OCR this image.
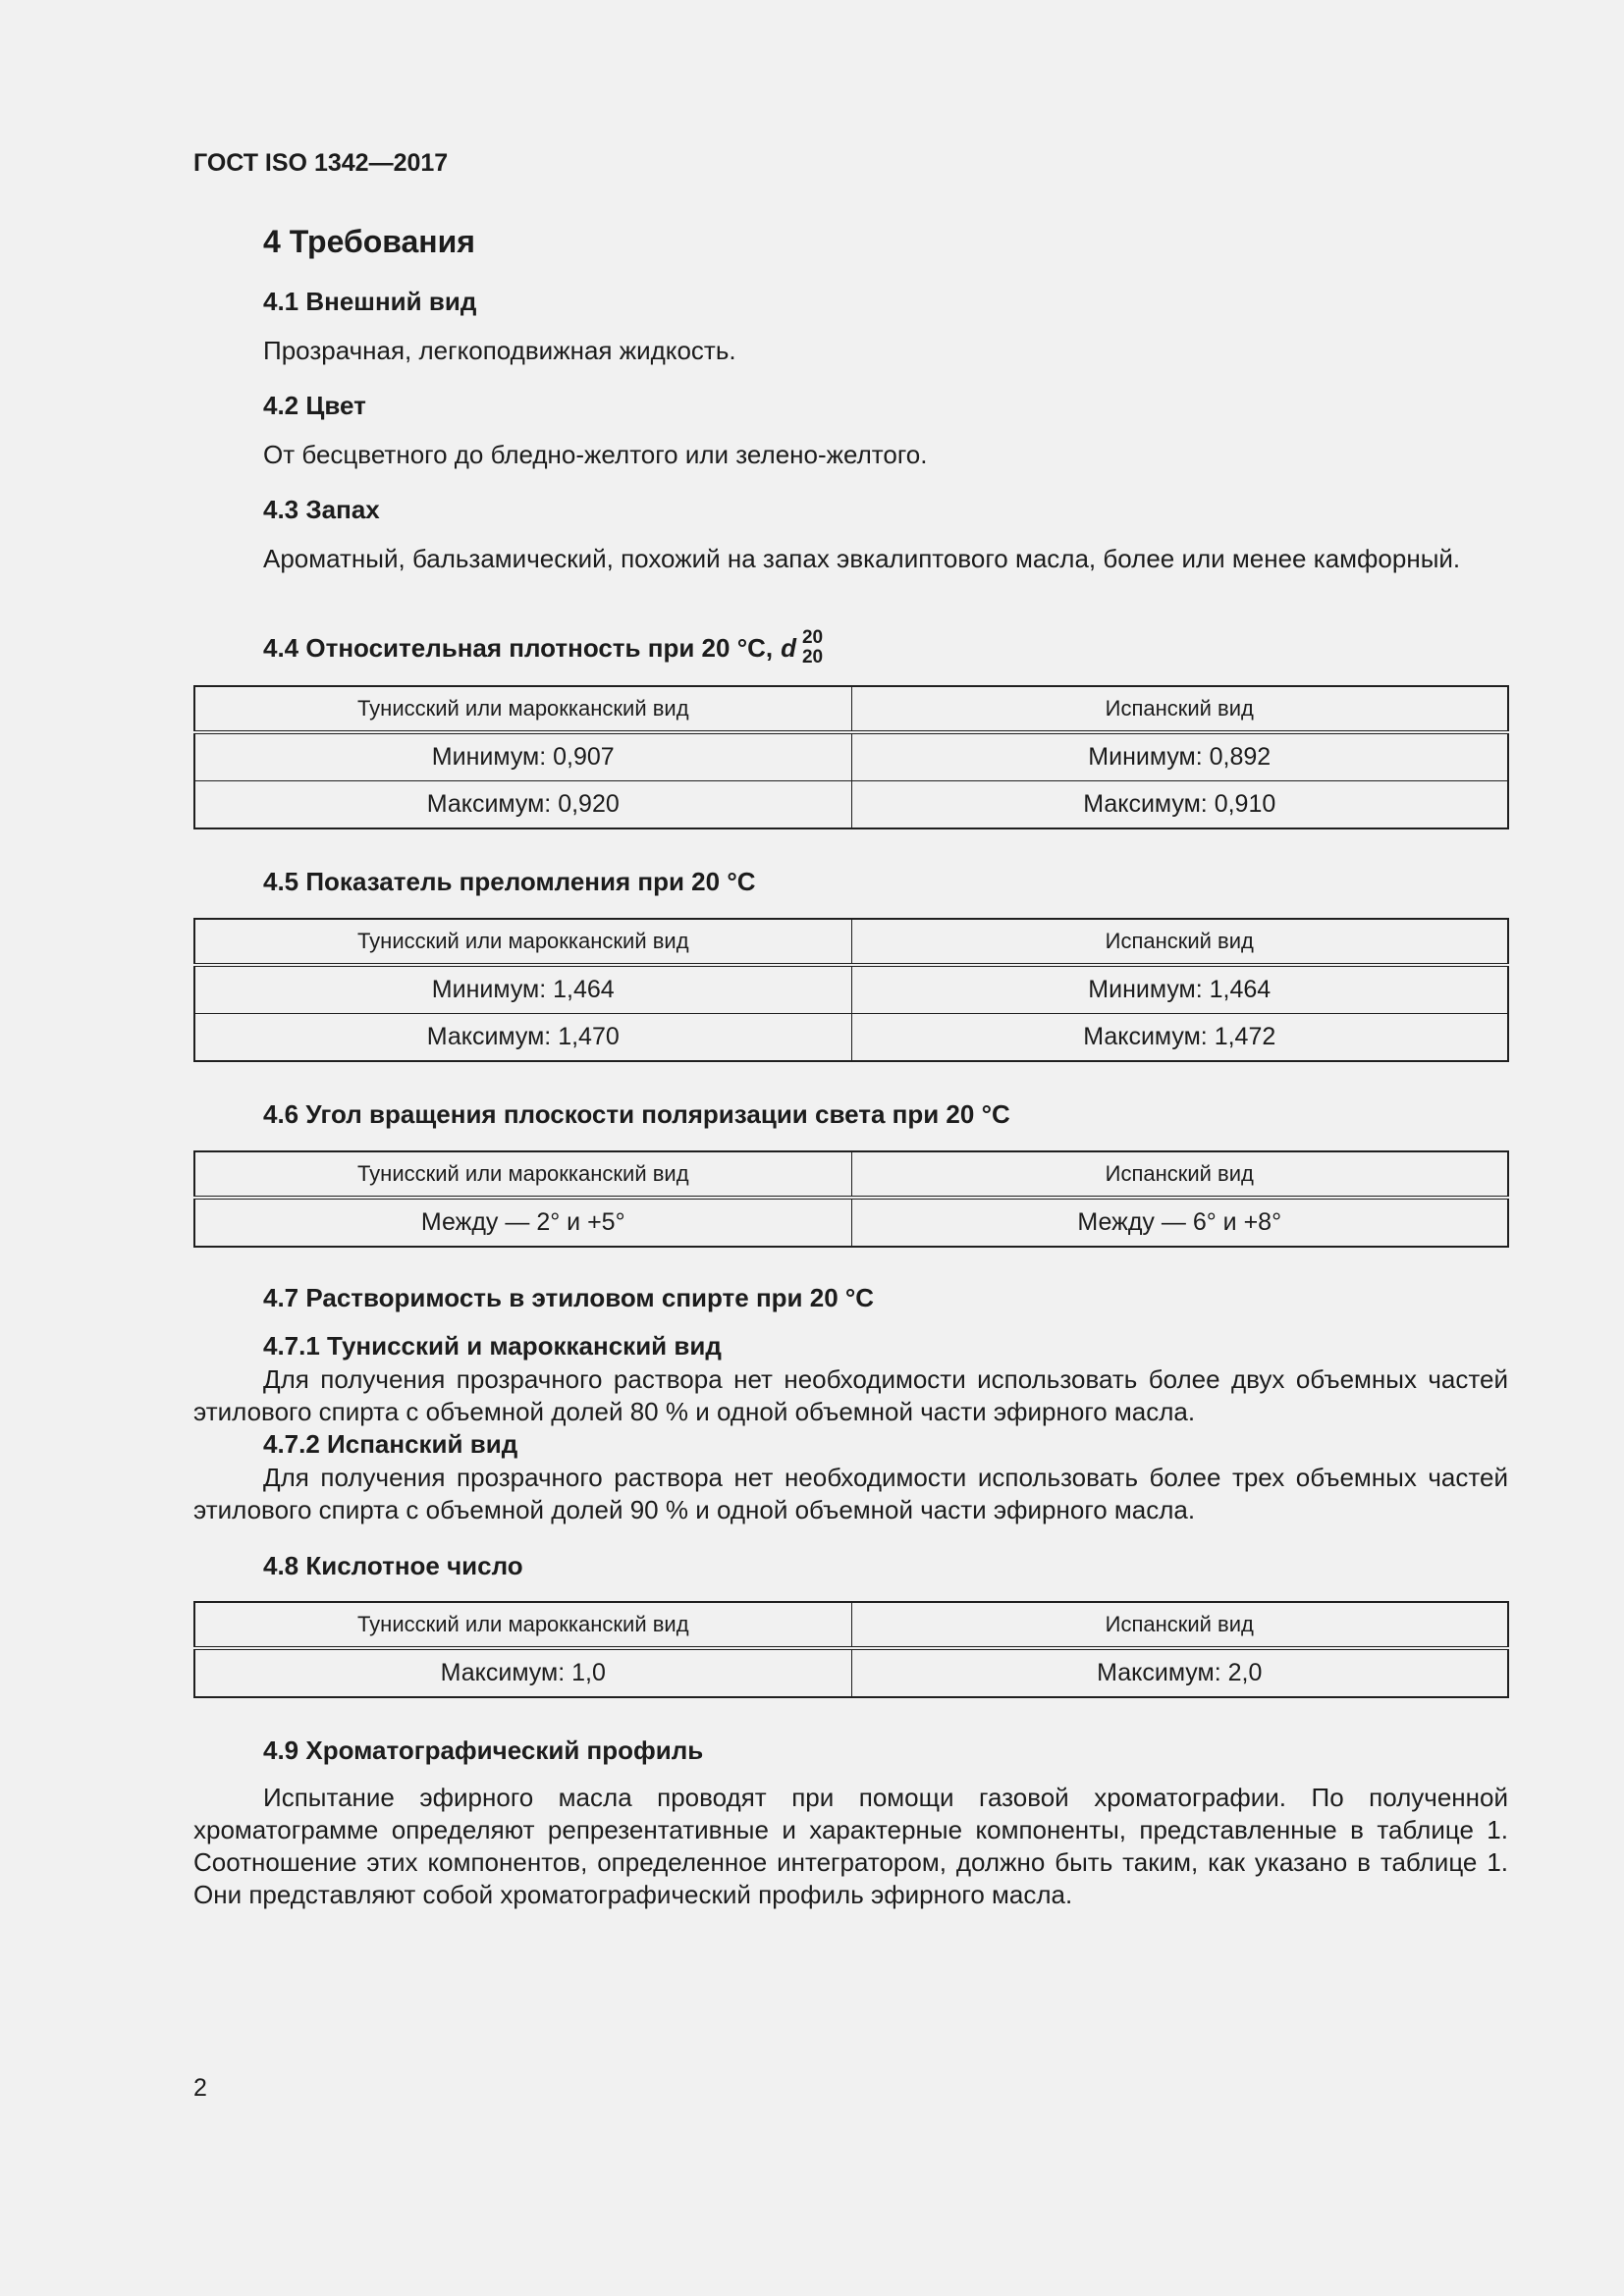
ГОСТ ISO 1342—2017
4 Требования
4.1 Внешний вид
Прозрачная, легкоподвижная жидкость.
4.2 Цвет
От бесцветного до бледно-желтого или зелено-желтого.
4.3 Запах
Ароматный, бальзамический, похожий на запах эвкалиптового масла, более или менее камфорный.
4.4 Относительная плотность при 20 °C, d 20
20
Тунисский или марокканский вид	Испанский вид
Минимум: 0,907	Минимум: 0,892
Максимум: 0,920	Максимум: 0,910
4.5 Показатель преломления при 20 °C
Тунисский или марокканский вид	Испанский вид
Минимум: 1,464	Минимум: 1,464
Максимум: 1,470	Максимум: 1,472
4.6 Угол вращения плоскости поляризации света при 20 °C
Тунисский или марокканский вид	Испанский вид
Между — 2° и +5°	Между — 6° и +8°
4.7 Растворимость в этиловом спирте при 20 °C
4.7.1 Тунисский и марокканский вид
Для получения прозрачного раствора нет необходимости использовать более двух объемных частей этилового спирта с объемной долей 80 % и одной объемной части эфирного масла.
4.7.2 Испанский вид
Для получения прозрачного раствора нет необходимости использовать более трех объемных частей этилового спирта с объемной долей 90 % и одной объемной части эфирного масла.
4.8 Кислотное число
Тунисский или марокканский вид	Испанский вид
Максимум: 1,0	Максимум: 2,0
4.9 Хроматографический профиль
Испытание эфирного масла проводят при помощи газовой хроматографии. По полученной хроматограмме определяют репрезентативные и характерные компоненты, представленные в таблице 1. Соотношение этих компонентов, определенное интегратором, должно быть таким, как указано в таблице 1. Они представляют собой хроматографический профиль эфирного масла.
2
